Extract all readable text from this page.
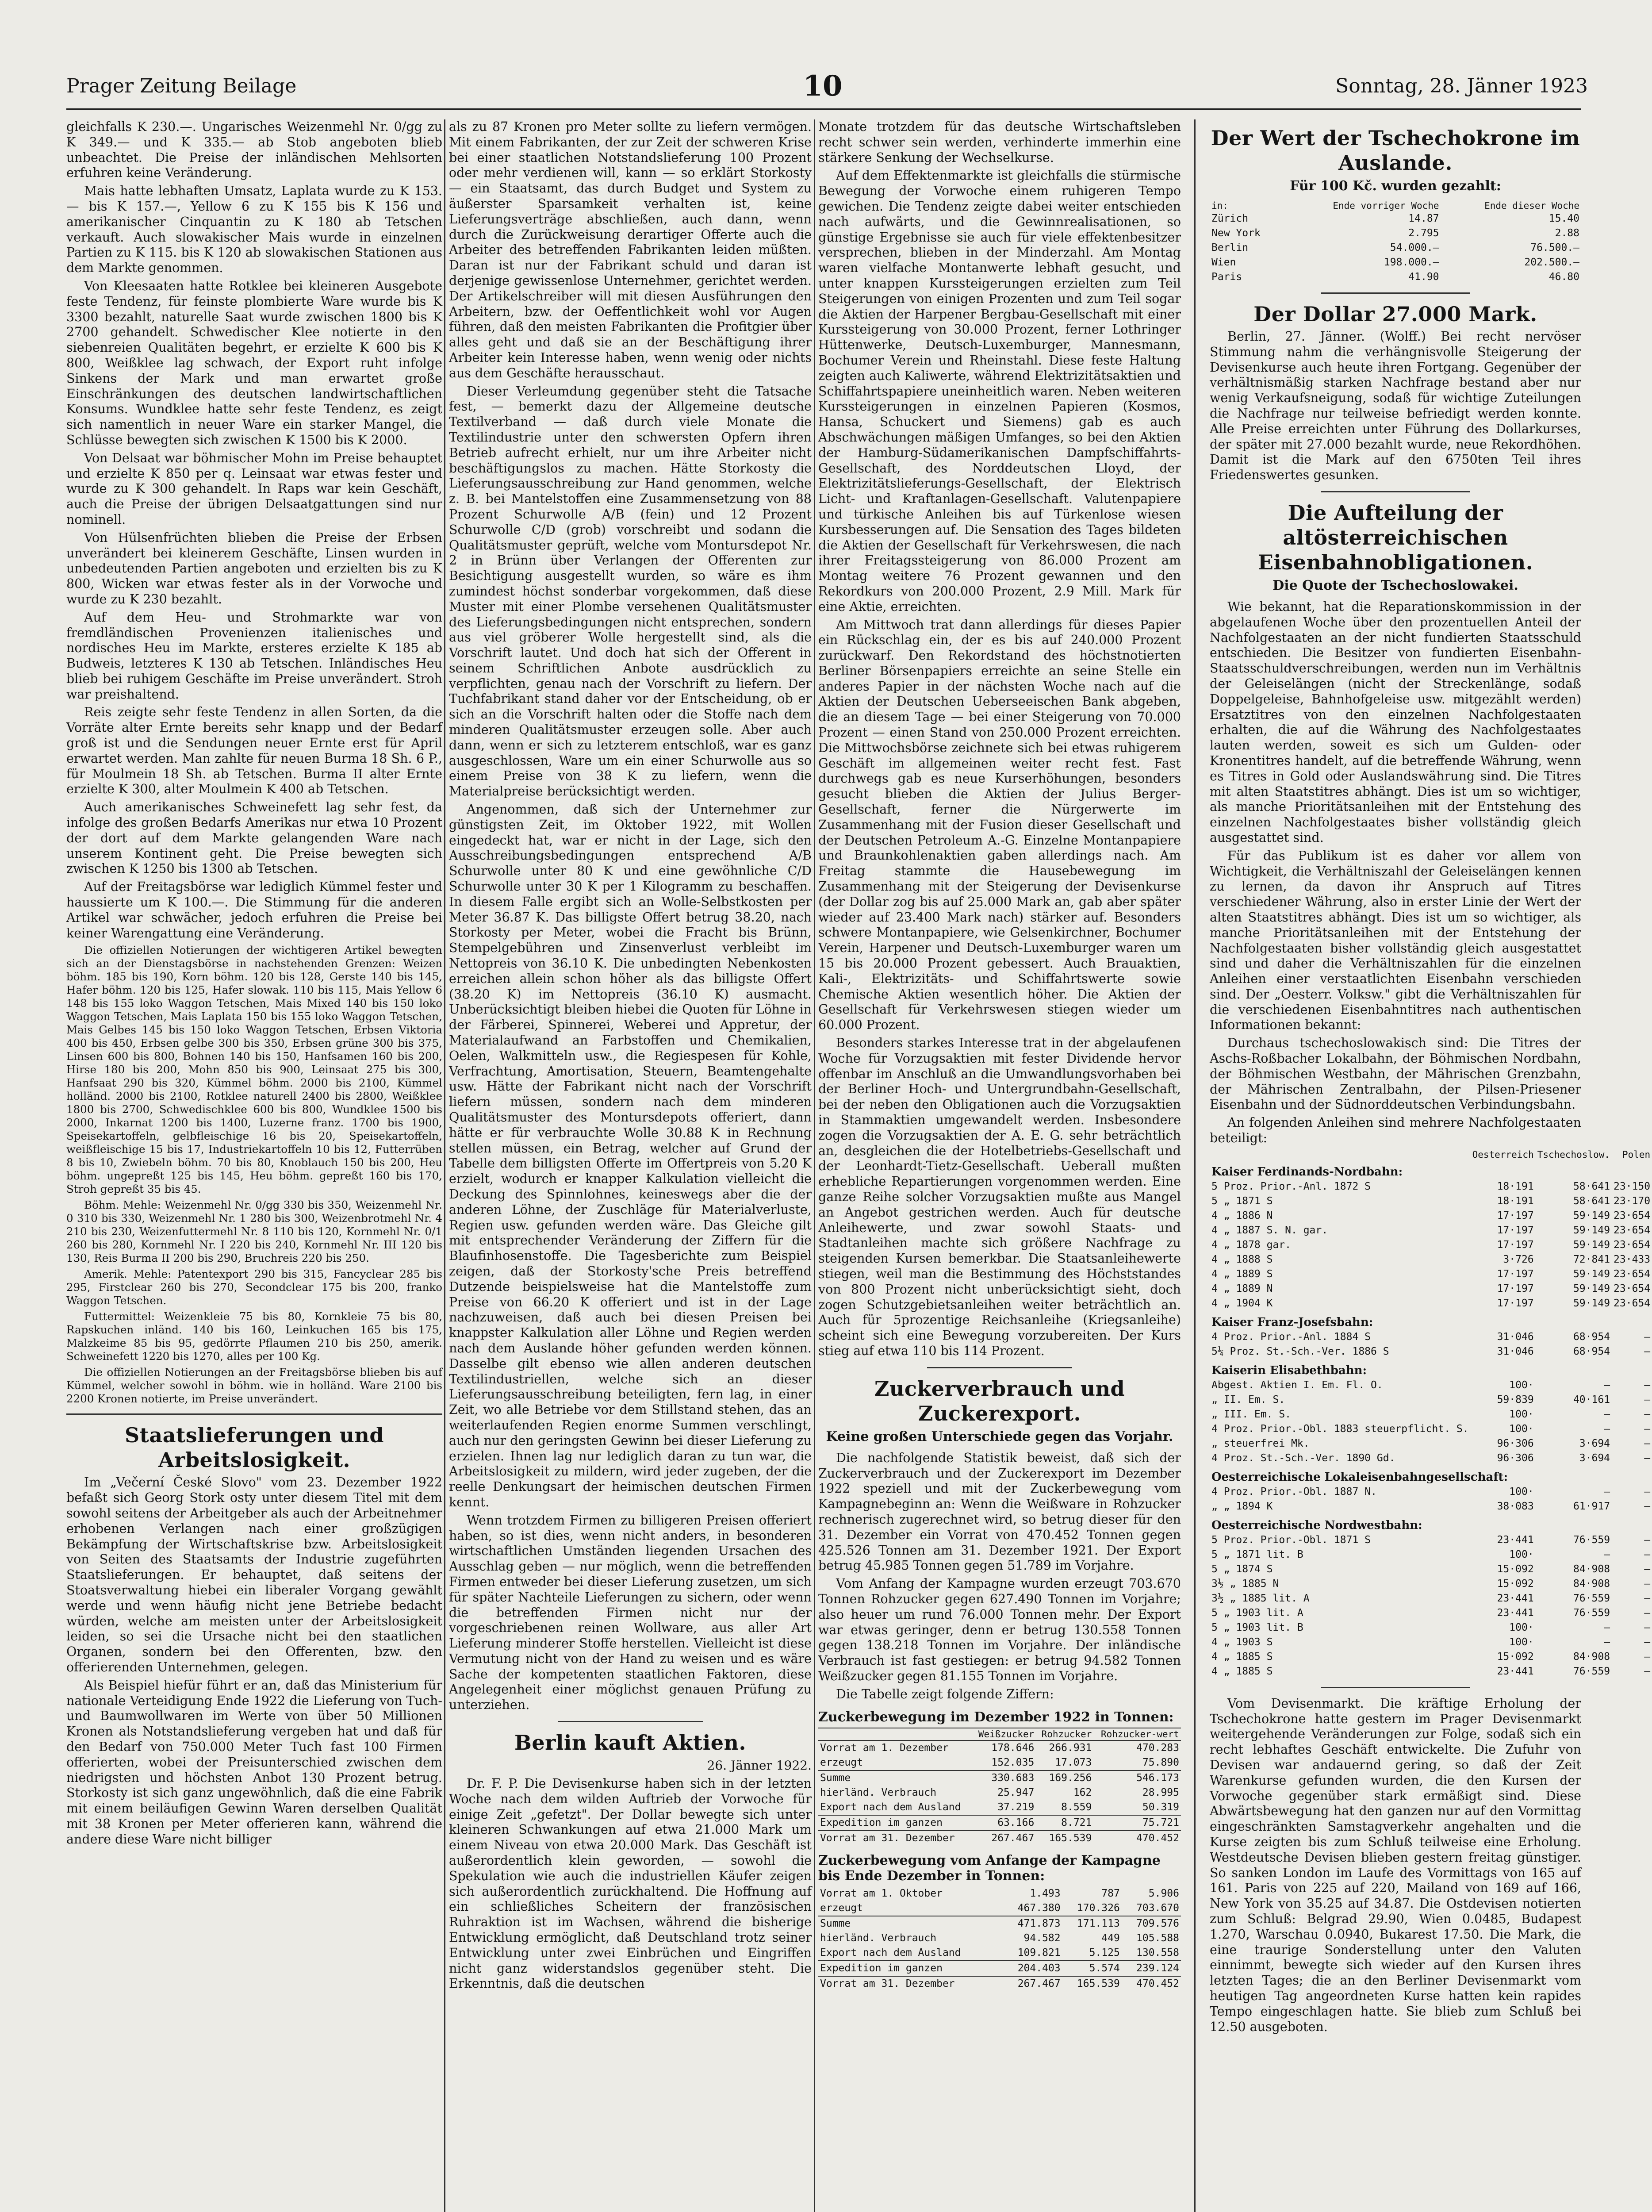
Prager Zeitung Beilage	10	Sonntag, 28. Jänner 1923

gleichfalls K 230.—. Ungarisches Weizenmehl Nr. 0/gg zu K 349.— und K 335.— ab Stob angeboten blieb unbeachtet. Die Preise der inländischen Mehlsorten erfuhren keine Veränderung.

Mais hatte lebhaften Umsatz, Laplata wurde zu K 153.— bis K 157.—, Yellow 6 zu K 155 bis K 156 und amerikanischer Cinquantin zu K 180 ab Tetschen verkauft. Auch slowakischer Mais wurde in einzelnen Partien zu K 115. bis K 120 ab slowakischen Stationen aus dem Markte genommen.

Von Kleesaaten hatte Rotklee bei kleineren Ausgebote feste Tendenz, für feinste plombierte Ware wurde bis K 3300 bezahlt, naturelle Saat wurde zwischen 1800 bis K 2700 gehandelt. Schwedischer Klee notierte in den siebenreien Qualitäten begehrt, er erzielte K 600 bis K 800, Weißklee lag schwach, der Export ruht infolge Sinkens der Mark und man erwartet große Einschränkungen des deutschen landwirtschaftlichen Konsums. Wundklee hatte sehr feste Tendenz, es zeigt sich namentlich in neuer Ware ein starker Mangel, die Schlüsse bewegten sich zwischen K 1500 bis K 2000.

Von Delsaat war böhmischer Mohn im Preise behauptet und erzielte K 850 per q. Leinsaat war etwas fester und wurde zu K 300 gehandelt. In Raps war kein Geschäft, auch die Preise der übrigen Delsaatgattungen sind nur nominell.

Von Hülsenfrüchten blieben die Preise der Erbsen unverändert bei kleinerem Geschäfte, Linsen wurden in unbedeutenden Partien angeboten und erzielten bis zu K 800, Wicken war etwas fester als in der Vorwoche und wurde zu K 230 bezahlt.

Auf dem Heu- und Strohmarkte war von fremdländischen Provenienzen italienisches und nordisches Heu im Markte, ersteres erzielte K 185 ab Budweis, letzteres K 130 ab Tetschen. Inländisches Heu blieb bei ruhigem Geschäfte im Preise unverändert. Stroh war preishaltend.

Reis zeigte sehr feste Tendenz in allen Sorten, da die Vorräte alter Ernte bereits sehr knapp und der Bedarf groß ist und die Sendungen neuer Ernte erst für April erwartet werden. Man zahlte für neuen Burma 18 Sh. 6 P., für Moulmein 18 Sh. ab Tetschen. Burma II alter Ernte erzielte K 300, alter Moulmein K 400 ab Tetschen.

Auch amerikanisches Schweinefett lag sehr fest, da infolge des großen Bedarfs Amerikas nur etwa 10 Prozent der dort auf dem Markte gelangenden Ware nach unserem Kontinent geht. Die Preise bewegten sich zwischen K 1250 bis 1300 ab Tetschen.

Auf der Freitagsbörse war lediglich Kümmel fester und haussierte um K 100.—. Die Stimmung für die anderen Artikel war schwächer, jedoch erfuhren die Preise bei keiner Warengattung eine Veränderung.

Die offiziellen Notierungen der wichtigeren Artikel bewegten sich an der Dienstagsbörse in nachstehenden Grenzen: Weizen böhm. 185 bis 190, Korn böhm. 120 bis 128, Gerste 140 bis 145, Hafer böhm. 120 bis 125, Hafer slowak. 110 bis 115, Mais Yellow 6 148 bis 155 loko Waggon Tetschen, Mais Mixed 140 bis 150 loko Waggon Tetschen, Mais Laplata 150 bis 155 loko Waggon Tetschen, Mais Gelbes 145 bis 150 loko Waggon Tetschen, Erbsen Viktoria 400 bis 450, Erbsen gelbe 300 bis 350, Erbsen grüne 300 bis 375, Linsen 600 bis 800, Bohnen 140 bis 150, Hanfsamen 160 bis 200, Hirse 180 bis 200, Mohn 850 bis 900, Leinsaat 275 bis 300, Hanfsaat 290 bis 320, Kümmel böhm. 2000 bis 2100, Kümmel holländ. 2000 bis 2100, Rotklee naturell 2400 bis 2800, Weißklee 1800 bis 2700, Schwedischklee 600 bis 800, Wundklee 1500 bis 2000, Inkarnat 1200 bis 1400, Luzerne franz. 1700 bis 1900, Speisekartoffeln, gelbfleischige 16 bis 20, Speisekartoffeln, weißfleischige 15 bis 17, Industriekartoffeln 10 bis 12, Futterrüben 8 bis 10, Zwiebeln böhm. 70 bis 80, Knoblauch 150 bis 200, Heu böhm. ungepreßt 125 bis 145, Heu böhm. gepreßt 160 bis 170, Stroh gepreßt 35 bis 45.

Böhm. Mehle: Weizenmehl Nr. 0/gg 330 bis 350, Weizenmehl Nr. 0 310 bis 330, Weizenmehl Nr. 1 280 bis 300, Weizenbrotmehl Nr. 4 210 bis 230, Weizenfuttermehl Nr. 8 110 bis 120, Kornmehl Nr. 0/1 260 bis 280, Kornmehl Nr. I 220 bis 240, Kornmehl Nr. III 120 bis 130, Reis Burma II 200 bis 290, Bruchreis 220 bis 250.

Amerik. Mehle: Patentexport 290 bis 315, Fancyclear 285 bis 295, Firstclear 260 bis 270, Secondclear 175 bis 200, franko Waggon Tetschen.

Futtermittel: Weizenkleie 75 bis 80, Kornkleie 75 bis 80, Rapskuchen inländ. 140 bis 160, Leinkuchen 165 bis 175, Malzkeime 85 bis 95, gedörrte Pflaumen 210 bis 250, amerik. Schweinefett 1220 bis 1270, alles per 100 Kg.

Die offiziellen Notierungen an der Freitagsbörse blieben bis auf Kümmel, welcher sowohl in böhm. wie in holländ. Ware 2100 bis 2200 Kronen notierte, im Preise unverändert.

Staatslieferungen und Arbeitslosigkeit.

Im „Večerní České Slovo" vom 23. Dezember 1922 befaßt sich Georg Stork osty unter diesem Titel mit dem sowohl seitens der Arbeitgeber als auch der Arbeitnehmer erhobenen Verlangen nach einer großzügigen Bekämpfung der Wirtschaftskrise bzw. Arbeitslosigkeit von Seiten des Staatsamts der Industrie zugeführten Staatslieferungen. Er behauptet, daß seitens der Stoatsverwaltung hiebei ein liberaler Vorgang gewählt werde und wenn häufig nicht jene Betriebe bedacht würden, welche am meisten unter der Arbeitslosigkeit leiden, so sei die Ursache nicht bei den staatlichen Organen, sondern bei den Offerenten, bzw. den offerierenden Unternehmen, gelegen.

Als Beispiel hiefür führt er an, daß das Ministerium für nationale Verteidigung Ende 1922 die Lieferung von Tuch- und Baumwollwaren im Werte von über 50 Millionen Kronen als Notstandslieferung vergeben hat und daß für den Bedarf von 750.000 Meter Tuch fast 100 Firmen offerierten, wobei der Preisunterschied zwischen dem niedrigsten und höchsten Anbot 130 Prozent betrug. Storkosty ist sich ganz ungewöhnlich, daß die eine Fabrik mit einem beiläufigen Gewinn Waren derselben Qualität mit 38 Kronen per Meter offerieren kann, während die andere diese Ware nicht billiger

als zu 87 Kronen pro Meter sollte zu liefern vermögen. Mit einem Fabrikanten, der zur Zeit der schweren Krise bei einer staatlichen Notstandslieferung 100 Prozent oder mehr verdienen will, kann — so erklärt Storkosty — ein Staatsamt, das durch Budget und System zu äußerster Sparsamkeit verhalten ist, keine Lieferungsverträge abschließen, auch dann, wenn durch die Zurückweisung derartiger Offerte auch die Arbeiter des betreffenden Fabrikanten leiden müßten. Daran ist nur der Fabrikant schuld und daran ist derjenige gewissenlose Unternehmer, gerichtet werden. Der Artikelschreiber will mit diesen Ausführungen den Arbeitern, bzw. der Oeffentlichkeit wohl vor Augen führen, daß den meisten Fabrikanten die Profitgier über alles geht und daß sie an der Beschäftigung ihrer Arbeiter kein Interesse haben, wenn wenig oder nichts aus dem Geschäfte herausschaut.

Dieser Verleumdung gegenüber steht die Tatsache fest, — bemerkt dazu der Allgemeine deutsche Textilverband — daß durch viele Monate die Textilindustrie unter den schwersten Opfern ihren Betrieb aufrecht erhielt, nur um ihre Arbeiter nicht beschäftigungslos zu machen. Hätte Storkosty die Lieferungsausschreibung zur Hand genommen, welche z. B. bei Mantelstoffen eine Zusammensetzung von 88 Prozent Schurwolle A/B (fein) und 12 Prozent Schurwolle C/D (grob) vorschreibt und sodann die Qualitätsmuster geprüft, welche vom Montursdepot Nr. 2 in Brünn über Verlangen der Offerenten zur Besichtigung ausgestellt wurden, so wäre es ihm zumindest höchst sonderbar vorgekommen, daß diese Muster mit einer Plombe versehenen Qualitätsmuster des Lieferungsbedingungen nicht entsprechen, sondern aus viel gröberer Wolle hergestellt sind, als die Vorschrift lautet. Und doch hat sich der Offerent in seinem Schriftlichen Anbote ausdrücklich zu verpflichten, genau nach der Vorschrift zu liefern. Der Tuchfabrikant stand daher vor der Entscheidung, ob er sich an die Vorschrift halten oder die Stoffe nach dem minderen Qualitätsmuster erzeugen solle. Aber auch dann, wenn er sich zu letzterem entschloß, war es ganz ausgeschlossen, Ware um ein einer Schurwolle aus so einem Preise von 38 K zu liefern, wenn die Materialpreise berücksichtigt werden.

Angenommen, daß sich der Unternehmer zur günstigsten Zeit, im Oktober 1922, mit Wollen eingedeckt hat, war er nicht in der Lage, sich den Ausschreibungsbedingungen entsprechend A/B Schurwolle unter 80 K und eine gewöhnliche C/D Schurwolle unter 30 K per 1 Kilogramm zu beschaffen. In diesem Falle ergibt sich an Wolle-Selbstkosten per Meter 36.87 K. Das billigste Offert betrug 38.20, nach Storkosty per Meter, wobei die Fracht bis Brünn, Stempelgebühren und Zinsenverlust verbleibt im Nettopreis von 36.10 K. Die unbedingten Nebenkosten erreichen allein schon höher als das billigste Offert (38.20 K) im Nettopreis (36.10 K) ausmacht. Unberücksichtigt bleiben hiebei die Quoten für Löhne in der Färberei, Spinnerei, Weberei und Appretur, der Materialaufwand an Farbstoffen und Chemikalien, Oelen, Walkmitteln usw., die Regiespesen für Kohle, Verfrachtung, Amortisation, Steuern, Beamtengehalte usw. Hätte der Fabrikant nicht nach der Vorschrift liefern müssen, sondern nach dem minderen Qualitätsmuster des Montursdepots offeriert, dann hätte er für verbrauchte Wolle 30.88 K in Rechnung stellen müssen, ein Betrag, welcher auf Grund der Tabelle dem billigsten Offerte im Offertpreis von 5.20 K erzielt, wodurch er knapper Kalkulation vielleicht die Deckung des Spinnlohnes, keineswegs aber die der anderen Löhne, der Zuschläge für Materialverluste, Regien usw. gefunden werden wäre. Das Gleiche gilt mit entsprechender Veränderung der Ziffern für die Blaufinhosenstoffe. Die Tagesberichte zum Beispiel zeigen, daß der Storkosty'sche Preis betreffend Dutzende beispielsweise hat die Mantelstoffe zum Preise von 66.20 K offeriert und ist in der Lage nachzuweisen, daß auch bei diesen Preisen bei knappster Kalkulation aller Löhne und Regien werden nach dem Auslande höher gefunden werden können. Dasselbe gilt ebenso wie allen anderen deutschen Textilindustriellen, welche sich an dieser Lieferungsausschreibung beteiligten, fern lag, in einer Zeit, wo alle Betriebe vor dem Stillstand stehen, das an weiterlaufenden Regien enorme Summen verschlingt, auch nur den geringsten Gewinn bei dieser Lieferung zu erzielen. Ihnen lag nur lediglich daran zu tun war, die Arbeitslosigkeit zu mildern, wird jeder zugeben, der die reelle Denkungsart der heimischen deutschen Firmen kennt.

Wenn trotzdem Firmen zu billigeren Preisen offeriert haben, so ist dies, wenn nicht anders, in besonderen wirtschaftlichen Umständen liegenden Ursachen des Ausschlag geben — nur möglich, wenn die betreffenden Firmen entweder bei dieser Lieferung zusetzen, um sich für später Nachteile Lieferungen zu sichern, oder wenn die betreffenden Firmen nicht nur der vorgeschriebenen reinen Wollware, aus aller Art Lieferung minderer Stoffe herstellen. Vielleicht ist diese Vermutung nicht von der Hand zu weisen und es wäre Sache der kompetenten staatlichen Faktoren, diese Angelegenheit einer möglichst genauen Prüfung zu unterziehen.

Berlin kauft Aktien.

26. Jänner 1922.

Dr. F. P. Die Devisenkurse haben sich in der letzten Woche nach dem wilden Auftrieb der Vorwoche für einige Zeit „gefetzt". Der Dollar bewegte sich unter kleineren Schwankungen auf etwa 21.000 Mark um einem Niveau von etwa 20.000 Mark. Das Geschäft ist außerordentlich klein geworden, — sowohl die Spekulation wie auch die industriellen Käufer zeigen sich außerordentlich zurückhaltend. Die Hoffnung auf ein schließliches Scheitern der französischen Ruhraktion ist im Wachsen, während die bisherige Entwicklung ermöglicht, daß Deutschland trotz seiner Entwicklung unter zwei Einbrüchen und Eingriffen nicht ganz widerstandslos gegenüber steht. Die Erkenntnis, daß die deutschen

Monate trotzdem für das deutsche Wirtschaftsleben recht schwer sein werden, verhinderte immerhin eine stärkere Senkung der Wechselkurse.

Auf dem Effektenmarkte ist gleichfalls die stürmische Bewegung der Vorwoche einem ruhigeren Tempo gewichen. Die Tendenz zeigte dabei weiter entschieden nach aufwärts, und die Gewinnrealisationen, so günstige Ergebnisse sie auch für viele effektenbesitzer versprechen, blieben in der Minderzahl. Am Montag waren vielfache Montanwerte lebhaft gesucht, und unter knappen Kurssteigerungen erzielten zum Teil Steigerungen von einigen Prozenten und zum Teil sogar die Aktien der Harpener Bergbau-Gesellschaft mit einer Kurssteigerung von 30.000 Prozent, ferner Lothringer Hüttenwerke, Deutsch-Luxemburger, Mannesmann, Bochumer Verein und Rheinstahl. Diese feste Haltung zeigten auch Kaliwerte, während Elektrizitätsaktien und Schiffahrtspapiere uneinheitlich waren. Neben weiteren Kurssteigerungen in einzelnen Papieren (Kosmos, Hansa, Schuckert und Siemens) gab es auch Abschwächungen mäßigen Umfanges, so bei den Aktien der Hamburg-Südamerikanischen Dampfschiffahrts-Gesellschaft, des Norddeutschen Lloyd, der Elektrizitätslieferungs-Gesellschaft, der Elektrisch Licht- und Kraftanlagen-Gesellschaft. Valutenpapiere und türkische Anleihen bis auf Türkenlose wiesen Kursbesserungen auf. Die Sensation des Tages bildeten die Aktien der Gesellschaft für Verkehrswesen, die nach ihrer Freitagssteigerung von 86.000 Prozent am Montag weitere 76 Prozent gewannen und den Rekordkurs von 200.000 Prozent, 2.9 Mill. Mark für eine Aktie, erreichten.

Am Mittwoch trat dann allerdings für dieses Papier ein Rückschlag ein, der es bis auf 240.000 Prozent zurückwarf. Den Rekordstand des höchstnotierten Berliner Börsenpapiers erreichte an seine Stelle ein anderes Papier in der nächsten Woche nach auf die Aktien der Deutschen Ueberseeischen Bank abgeben, die an diesem Tage — bei einer Steigerung von 70.000 Prozent — einen Stand von 250.000 Prozent erreichten. Die Mittwochsbörse zeichnete sich bei etwas ruhigerem Geschäft im allgemeinen weiter recht fest. Fast durchwegs gab es neue Kurserhöhungen, besonders gesucht blieben die Aktien der Julius Berger-Gesellschaft, ferner die Nürgerwerte im Zusammenhang mit der Fusion dieser Gesellschaft und der Deutschen Petroleum A.-G. Einzelne Montanpapiere und Braunkohlenaktien gaben allerdings nach. Am Freitag stammte die Hausebewegung im Zusammenhang mit der Steigerung der Devisenkurse (der Dollar zog bis auf 25.000 Mark an, gab aber später wieder auf 23.400 Mark nach) stärker auf. Besonders schwere Montanpapiere, wie Gelsenkirchner, Bochumer Verein, Harpener und Deutsch-Luxemburger waren um 15 bis 20.000 Prozent gebessert. Auch Brauaktien, Kali-, Elektrizitäts- und Schiffahrtswerte sowie Chemische Aktien wesentlich höher. Die Aktien der Gesellschaft für Verkehrswesen stiegen wieder um 60.000 Prozent.

Besonders starkes Interesse trat in der abgelaufenen Woche für Vorzugsaktien mit fester Dividende hervor offenbar im Anschluß an die Umwandlungsvorhaben bei der Berliner Hoch- und Untergrundbahn-Gesellschaft, bei der neben den Obligationen auch die Vorzugsaktien in Stammaktien umgewandelt werden. Insbesondere zogen die Vorzugsaktien der A. E. G. sehr beträchtlich an, desgleichen die der Hotelbetriebs-Gesellschaft und der Leonhardt-Tietz-Gesellschaft. Ueberall mußten erhebliche Repartierungen vorgenommen werden. Eine ganze Reihe solcher Vorzugsaktien mußte aus Mangel an Angebot gestrichen werden. Auch für deutsche Anleihewerte, und zwar sowohl Staats- und Stadtanleihen machte sich größere Nachfrage zu steigenden Kursen bemerkbar. Die Staatsanleihewerte stiegen, weil man die Bestimmung des Höchststandes von 800 Prozent nicht unberücksichtigt sieht, doch zogen Schutzgebietsanleihen weiter beträchtlich an. Auch für 5prozentige Reichsanleihe (Kriegsanleihe) scheint sich eine Bewegung vorzubereiten. Der Kurs stieg auf etwa 110 bis 114 Prozent.

Zuckerverbrauch und Zuckerexport.
Keine großen Unterschiede gegen das Vorjahr.

Die nachfolgende Statistik beweist, daß sich der Zuckerverbrauch und der Zuckerexport im Dezember 1922 speziell und mit der Zuckerbewegung vom Kampagnebeginn an: Wenn die Weißware in Rohzucker rechnerisch zugerechnet wird, so betrug dieser für den 31. Dezember ein Vorrat von 470.452 Tonnen gegen 425.526 Tonnen am 31. Dezember 1921. Der Export betrug 45.985 Tonnen gegen 51.789 im Vorjahre.

Vom Anfang der Kampagne wurden erzeugt 703.670 Tonnen Rohzucker gegen 627.490 Tonnen im Vorjahre; also heuer um rund 76.000 Tonnen mehr. Der Export war etwas geringer, denn er betrug 130.558 Tonnen gegen 138.218 Tonnen im Vorjahre. Der inländische Verbrauch ist fast gestiegen: er betrug 94.582 Tonnen Weißzucker gegen 81.155 Tonnen im Vorjahre.

Die Tabelle zeigt folgende Ziffern:

Zuckerbewegung im Dezember 1922 in Tonnen:
	Weißzucker	Rohzucker	Rohzucker-wert
Vorrat am 1. Dezember	178.646	266.931	470.283
erzeugt	152.035	17.073	75.890
Summe	330.683	169.256	546.173
hierländ. Verbrauch	25.947	162	28.995
Export nach dem Ausland	37.219	8.559	50.319
Expedition im ganzen	63.166	8.721	75.721
Vorrat am 31. Dezember	267.467	165.539	470.452
Zuckerbewegung vom Anfange der Kampagne bis Ende Dezember in Tonnen:
Vorrat am 1. Oktober	1.493	787	5.906
erzeugt	467.380	170.326	703.670
Summe	471.873	171.113	709.576
hierländ. Verbrauch	94.582	449	105.588
Export nach dem Ausland	109.821	5.125	130.558
Expedition im ganzen	204.403	5.574	239.124
Vorrat am 31. Dezember	267.467	165.539	470.452
Der Wert der Tschechokrone im Auslande.
Für 100 Kč. wurden gezahlt:
in:	Ende vorriger Woche	Ende dieser Woche
Zürich	14.87	15.40
New York	2.795	2.88
Berlin	54.000.—	76.500.—
Wien	198.000.—	202.500.—
Paris	41.90	46.80
Der Dollar 27.000 Mark.

Berlin, 27. Jänner. (Wolff.) Bei recht nervöser Stimmung nahm die verhängnisvolle Steigerung der Devisenkurse auch heute ihren Fortgang. Gegenüber der verhältnismäßig starken Nachfrage bestand aber nur wenig Verkaufsneigung, sodaß für wichtige Zuteilungen die Nachfrage nur teilweise befriedigt werden konnte. Alle Preise erreichten unter Führung des Dollarkurses, der später mit 27.000 bezahlt wurde, neue Rekordhöhen. Damit ist die Mark auf den 6750ten Teil ihres Friedenswertes gesunken.

Die Aufteilung der altösterreichischen Eisenbahnobligationen.
Die Quote der Tschechoslowakei.

Wie bekannt, hat die Reparationskommission in der abgelaufenen Woche über den prozentuellen Anteil der Nachfolgestaaten an der nicht fundierten Staatsschuld entschieden. Die Besitzer von fundierten Eisenbahn-Staatsschuldverschreibungen, werden nun im Verhältnis der Geleiselängen (nicht der Streckenlänge, sodaß Doppelgeleise, Bahnhofgeleise usw. mitgezählt werden) Ersatztitres von den einzelnen Nachfolgestaaten erhalten, die auf die Währung des Nachfolgestaates lauten werden, soweit es sich um Gulden- oder Kronentitres handelt, auf die betreffende Währung, wenn es Titres in Gold oder Auslandswährung sind. Die Titres mit alten Staatstitres abhängt. Dies ist um so wichtiger, als manche Prioritätsanleihen mit der Entstehung des einzelnen Nachfolgestaates bisher vollständig gleich ausgestattet sind.

Für das Publikum ist es daher vor allem von Wichtigkeit, die Verhältniszahl der Geleiselängen kennen zu lernen, da davon ihr Anspruch auf Titres verschiedener Währung, also in erster Linie der Wert der alten Staatstitres abhängt. Dies ist um so wichtiger, als manche Prioritätsanleihen mit der Entstehung der Nachfolgestaaten bisher vollständig gleich ausgestattet sind und daher die Verhältniszahlen für die einzelnen Anleihen einer verstaatlichten Eisenbahn verschieden sind. Der „Oesterr. Volksw." gibt die Verhältniszahlen für die verschiedenen Eisenbahntitres nach authentischen Informationen bekannt:

Durchaus tschechoslowakisch sind: Die Titres der Aschs-Roßbacher Lokalbahn, der Böhmischen Nordbahn, der Böhmischen Westbahn, der Mährischen Grenzbahn, der Mährischen Zentralbahn, der Pilsen-Priesener Eisenbahn und der Südnorddeutschen Verbindungsbahn.

An folgenden Anleihen sind mehrere Nachfolgestaaten beteiligt:

	Oesterreich	Tschechoslow.	Polen
Kaiser Ferdinands-Nordbahn:			
5 Proz. Prior.-Anl. 1872 S	18·191	58·641	23·150
5 „ 1871 S	18·191	58·641	23·170
4 „ 1886 N	17·197	59·149	23·654
4 „ 1887 S. N. gar.	17·197	59·149	23·654
4 „ 1878 gar.	17·197	59·149	23·654
4 „ 1888 S	3·726	72·841	23·433
4 „ 1889 S	17·197	59·149	23·654
4 „ 1889 N	17·197	59·149	23·654
4 „ 1904 K	17·197	59·149	23·654
Kaiser Franz-Josefsbahn:			
4 Proz. Prior.-Anl. 1884 S	31·046	68·954	—
5¼ Proz. St.-Sch.-Ver. 1886 S	31·046	68·954	—
Kaiserin Elisabethbahn:			
Abgest. Aktien I. Em. Fl. O.	100·	—	—
„ II. Em. S.	59·839	40·161	—
„ III. Em. S.	100·	—	—
4 Proz. Prior.-Obl. 1883 steuerpflicht. S.	100·	—	—
„ steuerfrei Mk.	96·306	3·694	—
4 Proz. St.-Sch.-Ver. 1890 Gd.	96·306	3·694	—
Oesterreichische Lokaleisenbahngesellschaft:			
4 Proz. Prior.-Obl. 1887 N.	100·	—	—
„ „ 1894 K	38·083	61·917	—
Oesterreichische Nordwestbahn:			
5 Proz. Prior.-Obl. 1871 S	23·441	76·559	—
5 „ 1871 lit. B	100·	—	—
5 „ 1874 S	15·092	84·908	—
3½ „ 1885 N	15·092	84·908	—
3½ „ 1885 lit. A	23·441	76·559	—
5 „ 1903 lit. A	23·441	76·559	—
5 „ 1903 lit. B	100·	—	—
4 „ 1903 S	100·	—	—
4 „ 1885 S	15·092	84·908	—
4 „ 1885 S	23·441	76·559	—

Vom Devisenmarkt. Die kräftige Erholung der Tschechokrone hatte gestern im Prager Devisenmarkt weitergehende Veränderungen zur Folge, sodaß sich ein recht lebhaftes Geschäft entwickelte. Die Zufuhr von Devisen war andauernd gering, so daß der Zeit Warenkurse gefunden wurden, die den Kursen der Vorwoche gegenüber stark ermäßigt sind. Diese Abwärtsbewegung hat den ganzen nur auf den Vormittag eingeschränkten Samstagverkehr angehalten und die Kurse zeigten bis zum Schluß teilweise eine Erholung. Westdeutsche Devisen blieben gestern freitag günstiger. So sanken London im Laufe des Vormittags von 165 auf 161. Paris von 225 auf 220, Mailand von 169 auf 166, New York von 35.25 auf 34.87. Die Ostdevisen notierten zum Schluß: Belgrad 29.90, Wien 0.0485, Budapest 1.270, Warschau 0.0940, Bukarest 17.50. Die Mark, die eine traurige Sonderstellung unter den Valuten einnimmt, bewegte sich wieder auf den Kursen ihres letzten Tages; die an den Berliner Devisenmarkt vom heutigen Tag angeordneten Kurse hatten kein rapides Tempo eingeschlagen hatte. Sie blieb zum Schluß bei 12.50 ausgeboten.
